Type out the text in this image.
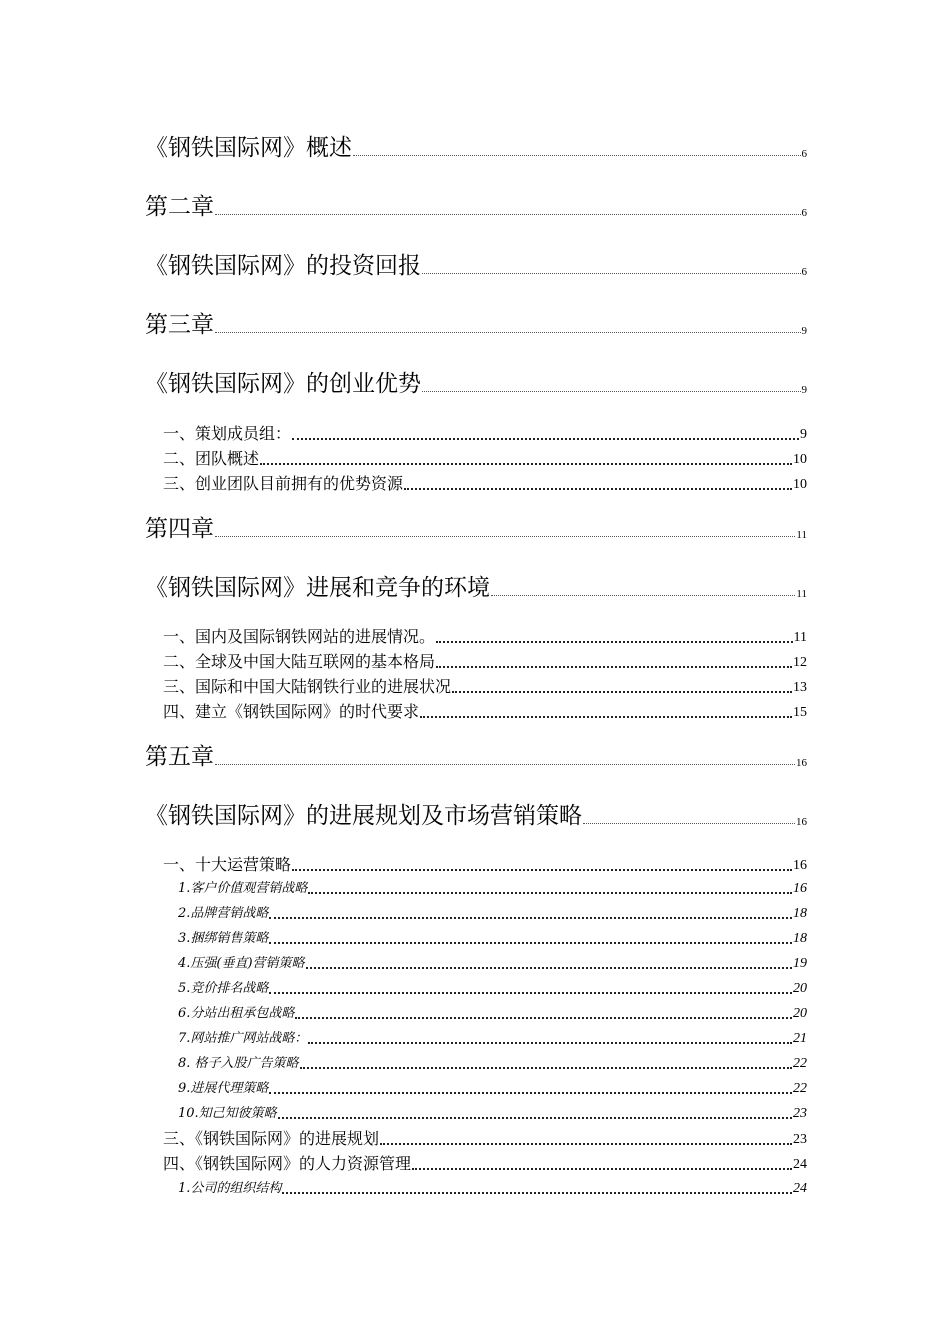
《钢铁国际网》概述	6
第二章	6
《钢铁国际网》的投资回报	6
第三章	9
《钢铁国际网》的创业优势	9
一、策划成员组：	9
二、团队概述	10
三、创业团队目前拥有的优势资源	10
第四章	11
《钢铁国际网》进展和竞争的环境	11
一、国内及国际钢铁网站的进展情况。	11
二、全球及中国大陆互联网的基本格局	12
三、国际和中国大陆钢铁行业的进展状况	13
四、建立《钢铁国际网》的时代要求	15
第五章	16
《钢铁国际网》的进展规划及市场营销策略	16
一、十大运营策略	16
1.客户价值观营销战略	16
2.品牌营销战略	18
3.捆绑销售策略	18
4.压强(垂直)营销策略	19
5.竞价排名战略	20
6.分站出租承包战略	20
7.网站推广网站战略：	21
8. 格子入股广告策略	22
9.进展代理策略	22
10.知己知彼策略	23
三、《钢铁国际网》的进展规划	23
四、《钢铁国际网》的人力资源管理	24
1.公司的组织结构	24
